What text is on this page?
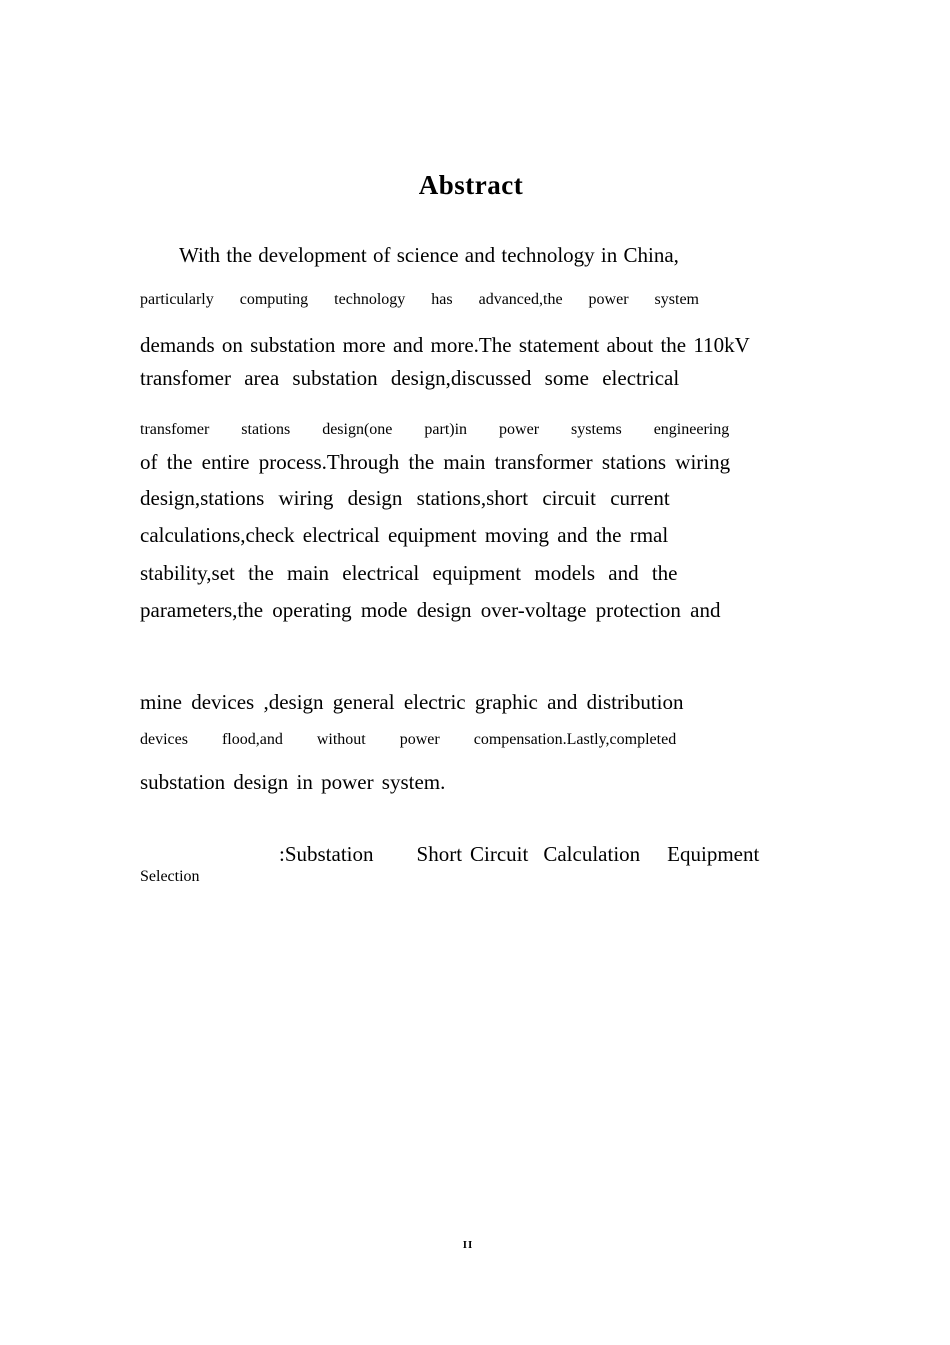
Abstract
With the development of science and technology in China,
particularly computing technology has advanced,the power system
demands on substation more and more.The statement about the 110kV
transfomer area substation design,discussed some electrical
transfomer stations design(one part)in power systems engineering
of the entire process.Through the main transformer stations wiring
design,stations wiring design stations,short circuit current
calculations,check electrical equipment moving and the rmal
stability,set the main electrical equipment models and the
parameters,the operating mode design over-voltage protection and
mine devices ,design general electric graphic and distribution
devices flood,and without power compensation.Lastly,completed
substation design in power system.

:Substation Short Circuit Calculation Equipment

Selection
II
